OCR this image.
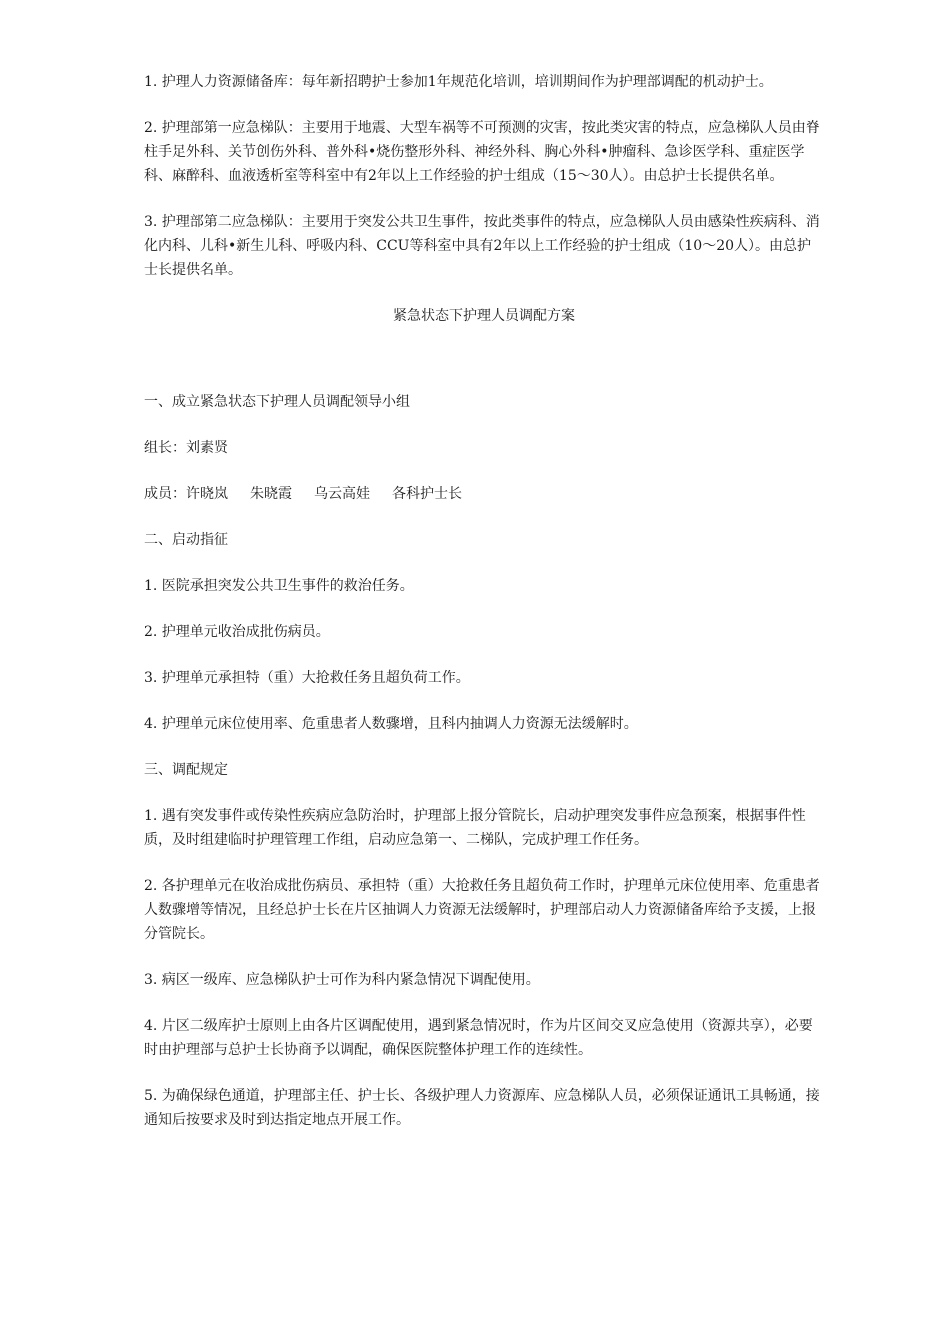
1. 护理人力资源储备库：每年新招聘护士参加1年规范化培训，培训期间作为护理部调配的机动护士。

2. 护理部第一应急梯队：主要用于地震、大型车祸等不可预测的灾害，按此类灾害的特点，应急梯队人员由脊柱手足外科、关节创伤外科、普外科•烧伤整形外科、神经外科、胸心外科•肿瘤科、急诊医学科、重症医学科、麻醉科、血液透析室等科室中有2年以上工作经验的护士组成（15～30人）。由总护士长提供名单。

3. 护理部第二应急梯队：主要用于突发公共卫生事件，按此类事件的特点，应急梯队人员由感染性疾病科、消化内科、儿科•新生儿科、呼吸内科、CCU等科室中具有2年以上工作经验的护士组成（10～20人）。由总护士长提供名单。

紧急状态下护理人员调配方案

一、成立紧急状态下护理人员调配领导小组

组长：刘素贤

成员： 许晓岚 朱晓霞 乌云高娃 各科护士长

二、启动指征

1. 医院承担突发公共卫生事件的救治任务。

2. 护理单元收治成批伤病员。

3. 护理单元承担特（重）大抢救任务且超负荷工作。

4. 护理单元床位使用率、危重患者人数骤增，且科内抽调人力资源无法缓解时。

三、调配规定

1. 遇有突发事件或传染性疾病应急防治时，护理部上报分管院长，启动护理突发事件应急预案，根据事件性质，及时组建临时护理管理工作组，启动应急第一、二梯队，完成护理工作任务。

2. 各护理单元在收治成批伤病员、承担特（重）大抢救任务且超负荷工作时，护理单元床位使用率、危重患者人数骤增等情况，且经总护士长在片区抽调人力资源无法缓解时，护理部启动人力资源储备库给予支援，上报分管院长。

3. 病区一级库、应急梯队护士可作为科内紧急情况下调配使用。

4. 片区二级库护士原则上由各片区调配使用，遇到紧急情况时，作为片区间交叉应急使用（资源共享），必要时由护理部与总护士长协商予以调配，确保医院整体护理工作的连续性。

5. 为确保绿色通道，护理部主任、护士长、各级护理人力资源库、应急梯队人员，必须保证通讯工具畅通，接通知后按要求及时到达指定地点开展工作。
